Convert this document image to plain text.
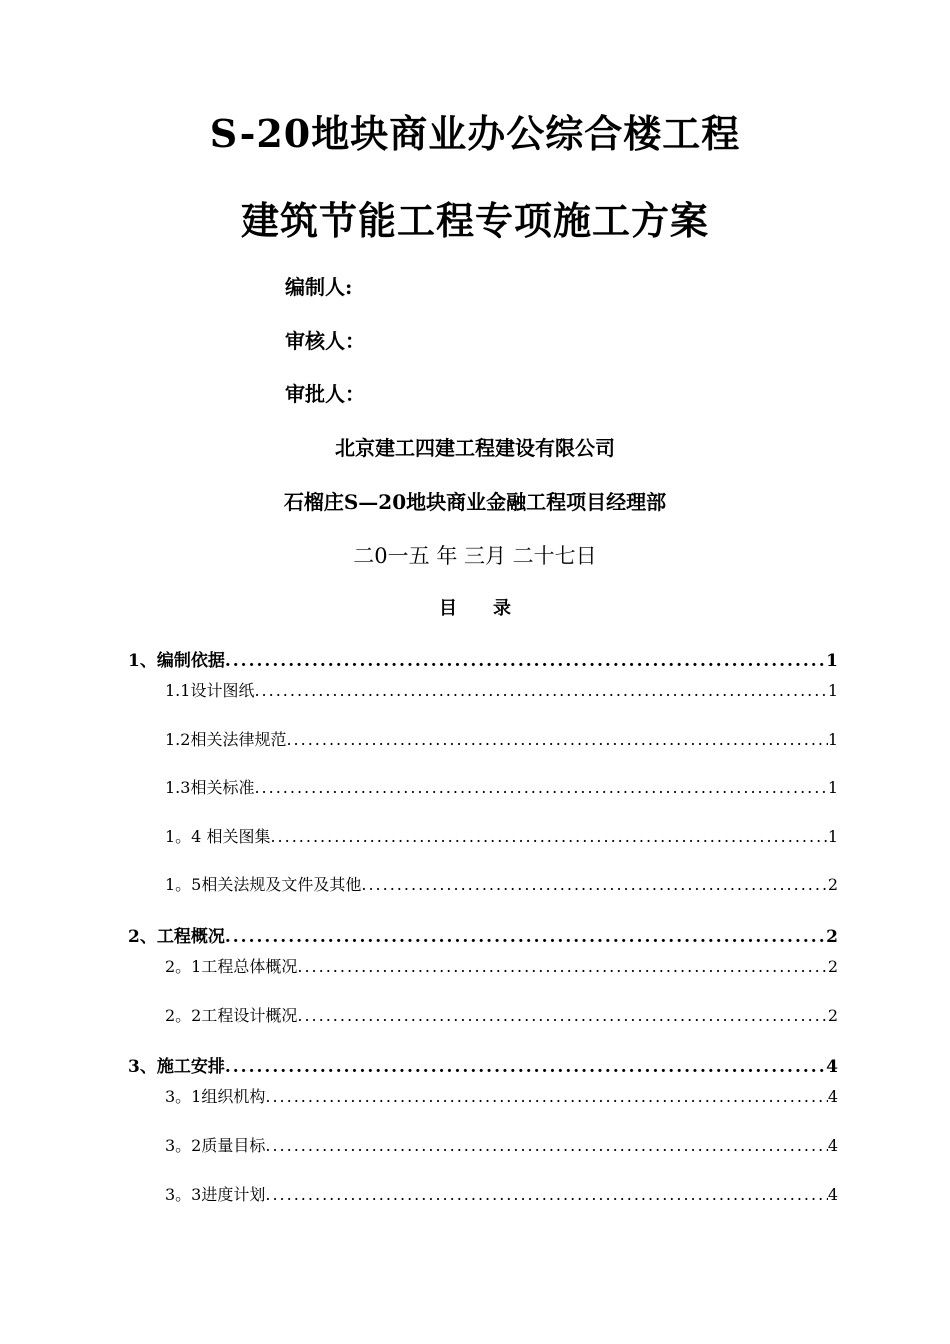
S-20地块商业办公综合楼工程
建筑节能工程专项施工方案
编制人:
审核人：
审批人：
北京建工四建工程建设有限公司
石榴庄S—20地块商业金融工程项目经理部
二0一五 年 三月 二十七日
目 录
1、编制依据 .....	1
1.1设计图纸 .....	1
1.2相关法律规范 .....	1
1.3相关标准 .....	1
1。4 相关图集 .....	1
1。5相关法规及文件及其他 .....	2
2、工程概况 .....	2
2。1工程总体概况 .....	2
2。2工程设计概况 .....	2
3、施工安排 .....	4
3。1组织机构 .....	4
3。2质量目标 .....	4
3。3进度计划 .....	4
